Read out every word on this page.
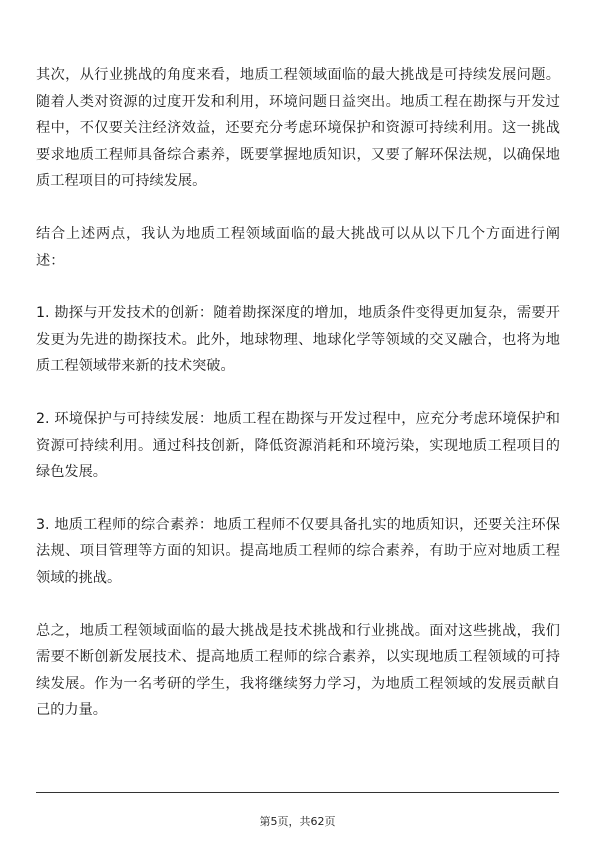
其次，从行业挑战的角度来看，地质工程领域面临的最大挑战是可持续发展问题。随着人类对资源的过度开发和利用，环境问题日益突出。地质工程在勘探与开发过程中，不仅要关注经济效益，还要充分考虑环境保护和资源可持续利用。这一挑战要求地质工程师具备综合素养，既要掌握地质知识，又要了解环保法规，以确保地质工程项目的可持续发展。

结合上述两点，我认为地质工程领域面临的最大挑战可以从以下几个方面进行阐述：

1. 勘探与开发技术的创新：随着勘探深度的增加，地质条件变得更加复杂，需要开发更为先进的勘探技术。此外，地球物理、地球化学等领域的交叉融合，也将为地质工程领域带来新的技术突破。

2. 环境保护与可持续发展：地质工程在勘探与开发过程中，应充分考虑环境保护和资源可持续利用。通过科技创新，降低资源消耗和环境污染，实现地质工程项目的绿色发展。

3. 地质工程师的综合素养：地质工程师不仅要具备扎实的地质知识，还要关注环保法规、项目管理等方面的知识。提高地质工程师的综合素养，有助于应对地质工程领域的挑战。

总之，地质工程领域面临的最大挑战是技术挑战和行业挑战。面对这些挑战，我们需要不断创新发展技术、提高地质工程师的综合素养，以实现地质工程领域的可持续发展。作为一名考研的学生，我将继续努力学习，为地质工程领域的发展贡献自己的力量。

第5页，共62页
